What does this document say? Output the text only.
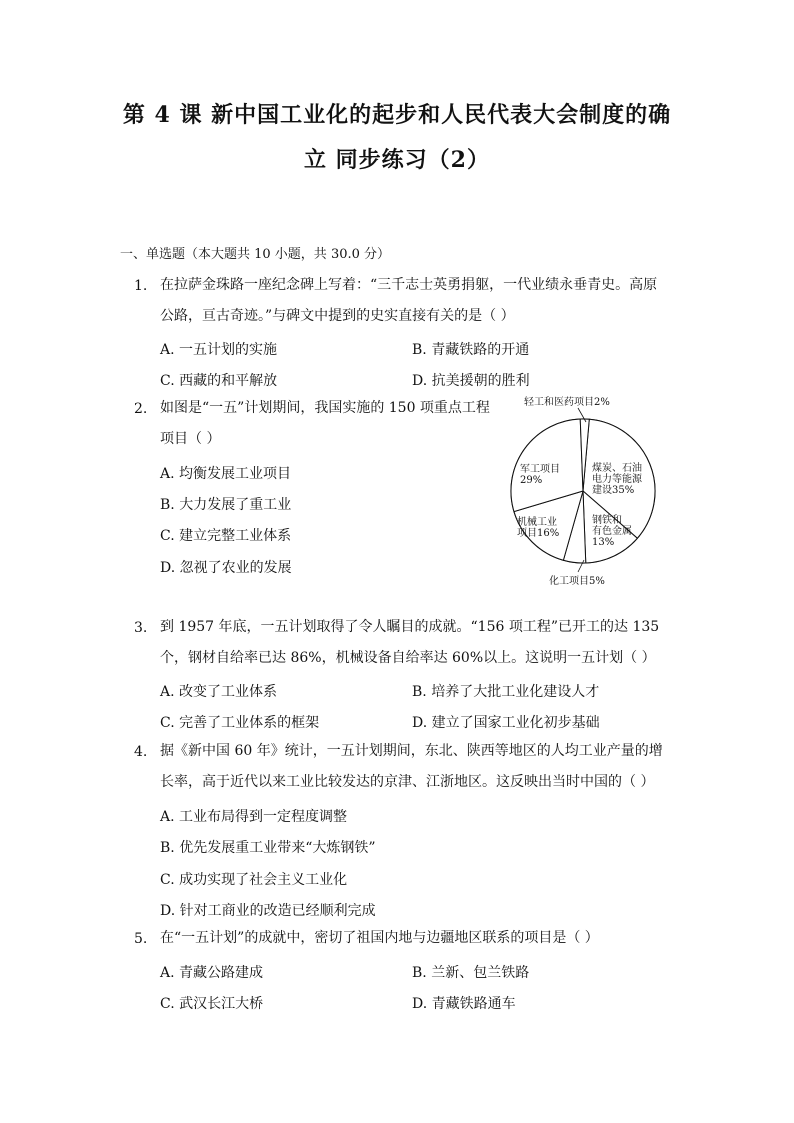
第 4 课 新中国工业化的起步和人民代表大会制度的确
立 同步练习（2）
一、单选题（本大题共 10 小题，共 30.0 分）
1. 在拉萨金珠路一座纪念碑上写着：“三千志士英勇捐躯，一代业绩永垂青史。高原
公路，亘古奇迹。”与碑文中提到的史实直接有关的是（ ）
A. 一五计划的实施	B. 青藏铁路的开通
C. 西藏的和平解放	D. 抗美援朝的胜利
2. 如图是“一五”计划期间，我国实施的 150 项重点工程
项目（ ）
A. 均衡发展工业项目
B. 大力发展了重工业
C. 建立完整工业体系
D. 忽视了农业的发展
煤炭、石油电力等能源建设35%
钢铁和有色金属 13%
化工项目5%
机械工业项目16%
军工项目 29%
轻工和医药项目2%
3. 到 1957 年底，一五计划取得了令人瞩目的成就。“156 项工程”已开工的达 135
个，钢材自给率已达 86%，机械设备自给率达 60%以上。这说明一五计划（ ）
A. 改变了工业体系	B. 培养了大批工业化建设人才
C. 完善了工业体系的框架	D. 建立了国家工业化初步基础
4. 据《新中国 60 年》统计，一五计划期间，东北、陕西等地区的人均工业产量的增
长率，高于近代以来工业比较发达的京津、江浙地区。这反映出当时中国的（ ）
A. 工业布局得到一定程度调整
B. 优先发展重工业带来“大炼钢铁”
C. 成功实现了社会主义工业化
D. 针对工商业的改造已经顺利完成
5. 在“一五计划”的成就中，密切了祖国内地与边疆地区联系的项目是（ ）
A. 青藏公路建成	B. 兰新、包兰铁路
C. 武汉长江大桥	D. 青藏铁路通车
